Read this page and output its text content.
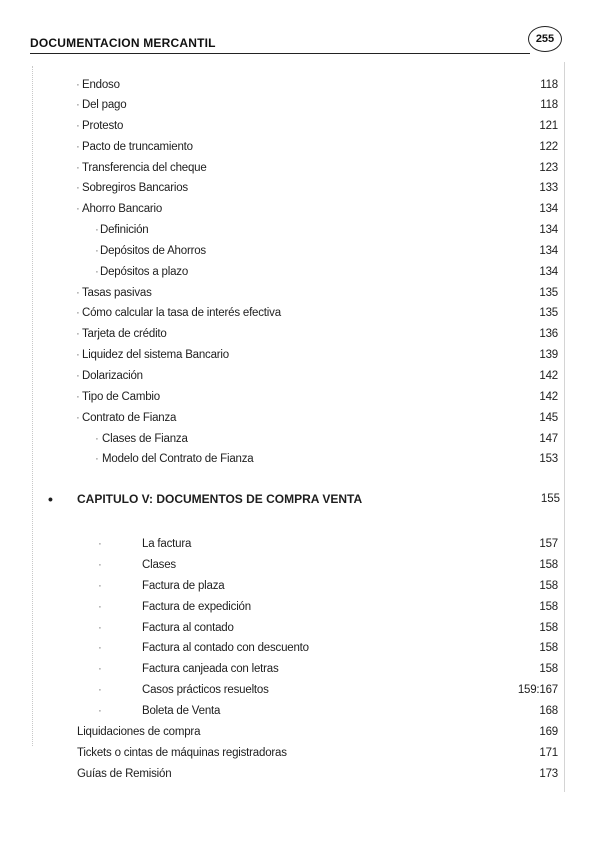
DOCUMENTACION MERCANTIL	255
· Endoso	118
· Del pago	118
· Protesto	121
· Pacto de truncamiento	122
· Transferencia del cheque	123
· Sobregiros Bancarios	133
· Ahorro Bancario	134
· Definición	134
· Depósitos de Ahorros	134
· Depósitos a plazo	134
· Tasas pasivas	135
· Cómo calcular la tasa de interés efectiva	135
· Tarjeta de crédito	136
· Liquidez del sistema Bancario	139
· Dolarización	142
· Tipo de Cambio	142
· Contrato de Fianza	145
· Clases de Fianza	147
· Modelo del Contrato de Fianza	153
• CAPITULO V: DOCUMENTOS DE COMPRA VENTA	155
·	La factura	157
·	Clases	158
·	Factura de plaza	158
·	Factura de expedición	158
·	Factura al contado	158
·	Factura al contado con descuento	158
·	Factura canjeada con letras	158
·	Casos prácticos resueltos	159:167
·	Boleta de Venta	168
Liquidaciones de compra	169
Tickets o cintas de máquinas registradoras	171
Guías de Remisión	173
